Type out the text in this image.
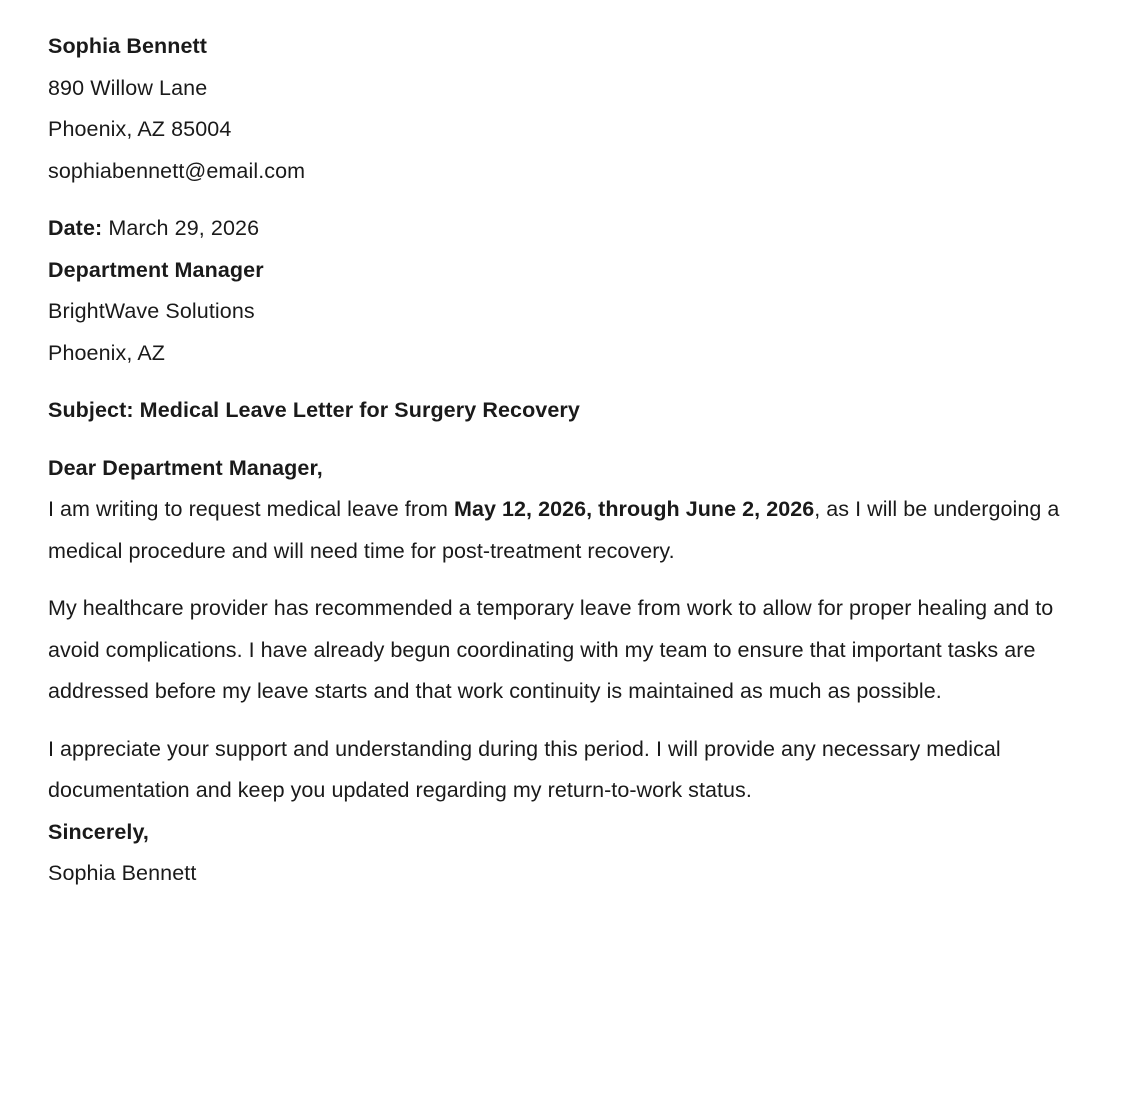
Sophia Bennett

890 Willow Lane

Phoenix, AZ 85004

sophiabennett@email.com

Date: March 29, 2026

Department Manager

BrightWave Solutions

Phoenix, AZ

Subject: Medical Leave Letter for Surgery Recovery

Dear Department Manager,

I am writing to request medical leave from May 12, 2026, through June 2, 2026, as I will be undergoing a medical procedure and will need time for post-treatment recovery.

My healthcare provider has recommended a temporary leave from work to allow for proper healing and to avoid complications. I have already begun coordinating with my team to ensure that important tasks are addressed before my leave starts and that work continuity is maintained as much as possible.

I appreciate your support and understanding during this period. I will provide any necessary medical documentation and keep you updated regarding my return-to-work status.

Sincerely,

Sophia Bennett
